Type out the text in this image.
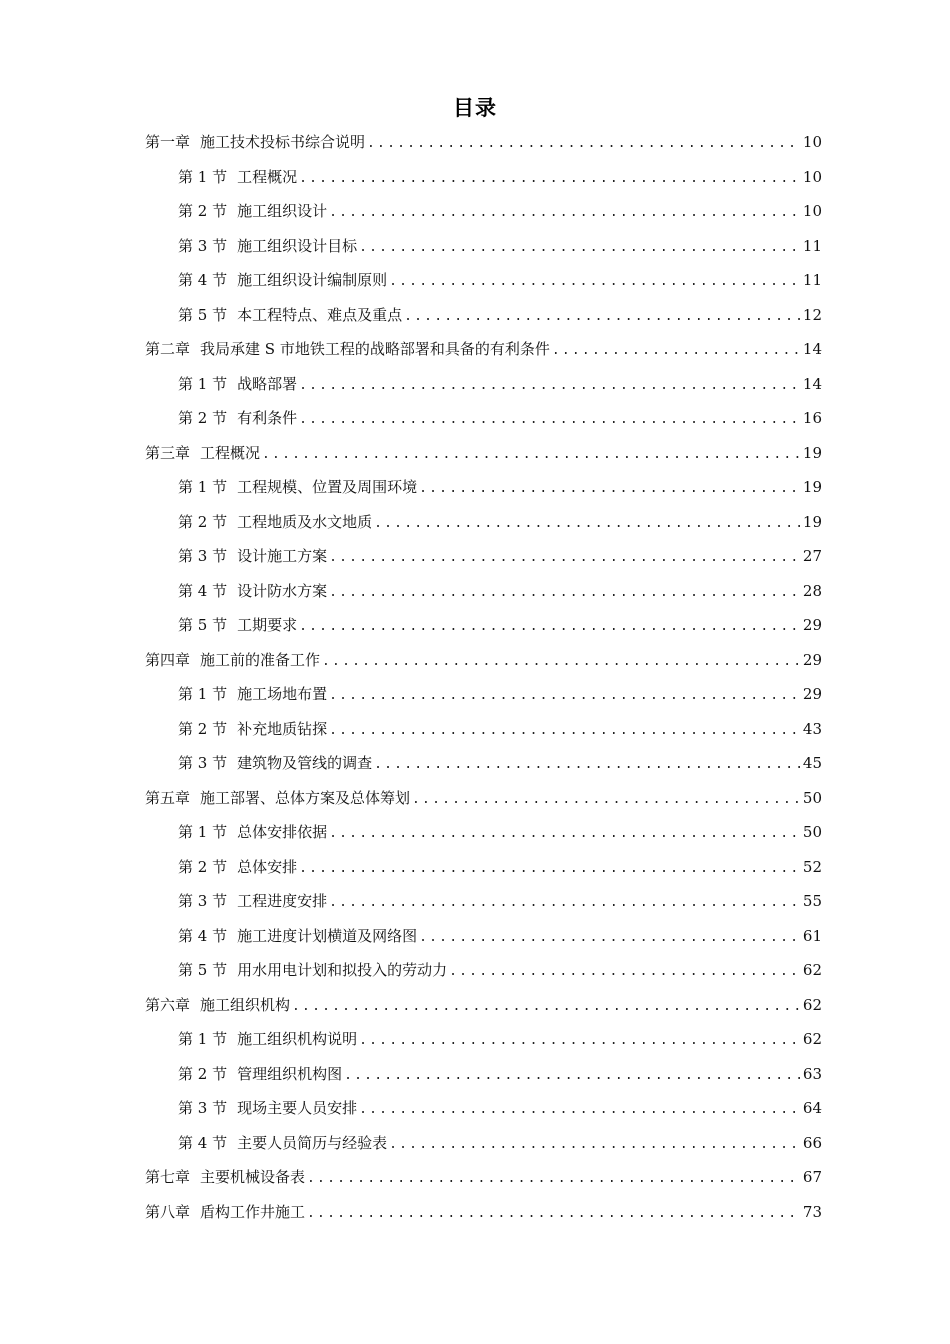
目录
第一章 施工技术投标书综合说明 .....	10
第 1 节 工程概况 .....	10
第 2 节 施工组织设计 .....	10
第 3 节 施工组织设计目标 .....	11
第 4 节 施工组织设计编制原则 .....	11
第 5 节 本工程特点、难点及重点 .....	12
第二章 我局承建 S 市地铁工程的战略部署和具备的有利条件 .....	14
第 1 节 战略部署 .....	14
第 2 节 有利条件 .....	16
第三章 工程概况 .....	19
第 1 节 工程规模、位置及周围环境 .....	19
第 2 节 工程地质及水文地质 .....	19
第 3 节 设计施工方案 .....	27
第 4 节 设计防水方案 .....	28
第 5 节 工期要求 .....	29
第四章 施工前的准备工作 .....	29
第 1 节 施工场地布置 .....	29
第 2 节 补充地质钻探 .....	43
第 3 节 建筑物及管线的调查 .....	45
第五章 施工部署、总体方案及总体筹划 .....	50
第 1 节 总体安排依据 .....	50
第 2 节 总体安排 .....	52
第 3 节 工程进度安排 .....	55
第 4 节 施工进度计划横道及网络图 .....	61
第 5 节 用水用电计划和拟投入的劳动力 .....	62
第六章 施工组织机构 .....	62
第 1 节 施工组织机构说明 .....	62
第 2 节 管理组织机构图 .....	63
第 3 节 现场主要人员安排 .....	64
第 4 节 主要人员简历与经验表 .....	66
第七章 主要机械设备表 .....	67
第八章 盾构工作井施工 .....	73
